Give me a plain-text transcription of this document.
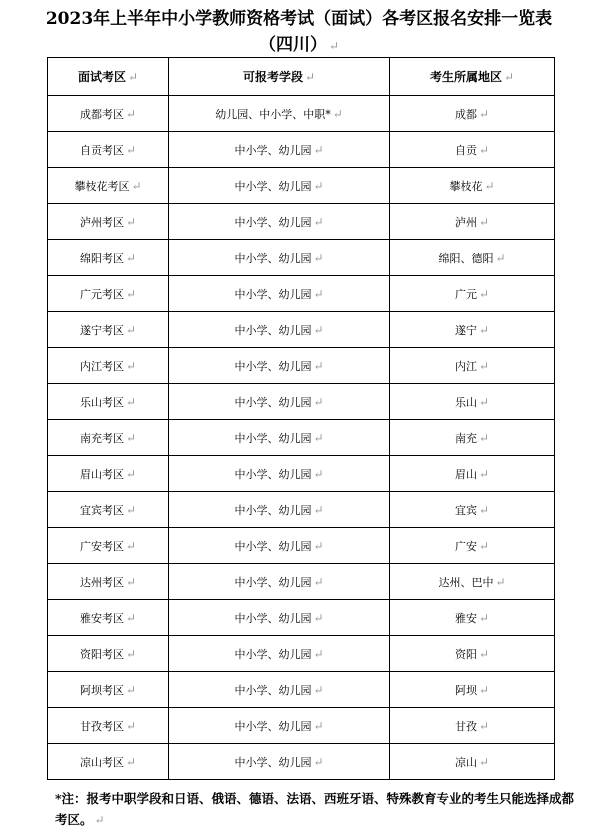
2023年上半年中小学教师资格考试（面试）各考区报名安排一览表
（四川） ↵
面试考区 ↵	可报考学段 ↵	考生所属地区 ↵
成都考区 ↵	幼儿园、中小学、中职* ↵	成都 ↵
自贡考区 ↵	中小学、幼儿园 ↵	自贡 ↵
攀枝花考区 ↵	中小学、幼儿园 ↵	攀枝花 ↵
泸州考区 ↵	中小学、幼儿园 ↵	泸州 ↵
绵阳考区 ↵	中小学、幼儿园 ↵	绵阳、德阳 ↵
广元考区 ↵	中小学、幼儿园 ↵	广元 ↵
遂宁考区 ↵	中小学、幼儿园 ↵	遂宁 ↵
内江考区 ↵	中小学、幼儿园 ↵	内江 ↵
乐山考区 ↵	中小学、幼儿园 ↵	乐山 ↵
南充考区 ↵	中小学、幼儿园 ↵	南充 ↵
眉山考区 ↵	中小学、幼儿园 ↵	眉山 ↵
宜宾考区 ↵	中小学、幼儿园 ↵	宜宾 ↵
广安考区 ↵	中小学、幼儿园 ↵	广安 ↵
达州考区 ↵	中小学、幼儿园 ↵	达州、巴中 ↵
雅安考区 ↵	中小学、幼儿园 ↵	雅安 ↵
资阳考区 ↵	中小学、幼儿园 ↵	资阳 ↵
阿坝考区 ↵	中小学、幼儿园 ↵	阿坝 ↵
甘孜考区 ↵	中小学、幼儿园 ↵	甘孜 ↵
凉山考区 ↵	中小学、幼儿园 ↵	凉山 ↵
*注：报考中职学段和日语、俄语、德语、法语、西班牙语、特殊教育专业的考生只能选择成都考区。 ↵
